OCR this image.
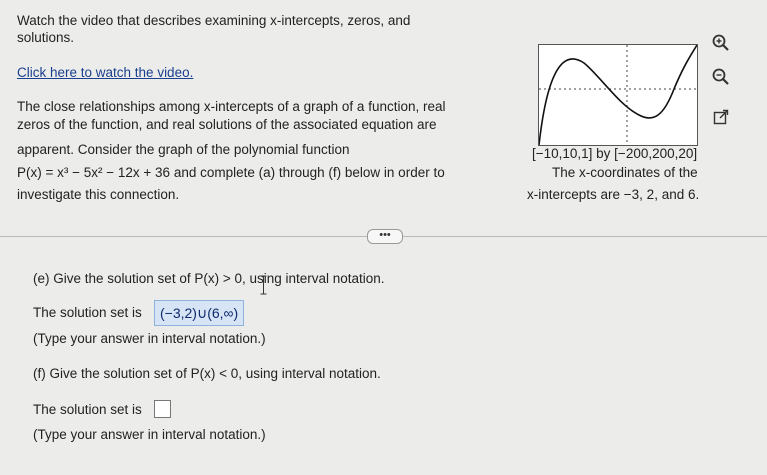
Watch the video that describes examining x-intercepts, zeros, and
solutions.
Click here to watch the video.
The close relationships among x-intercepts of a graph of a function, real
zeros of the function, and real solutions of the associated equation are
apparent. Consider the graph of the polynomial function
P(x) = x³ − 5x² − 12x + 36 and complete (a) through (f) below in order to
investigate this connection.
[−10,10,1] by [−200,200,20]
The x-coordinates of the
x-intercepts are −3, 2, and 6.
•••
(e) Give the solution set of P(x) > 0, using interval notation.
The solution set is	(−3,2)∪(6,∞)
(Type your answer in interval notation.)
(f) Give the solution set of P(x) < 0, using interval notation.
The solution set is
(Type your answer in interval notation.)
